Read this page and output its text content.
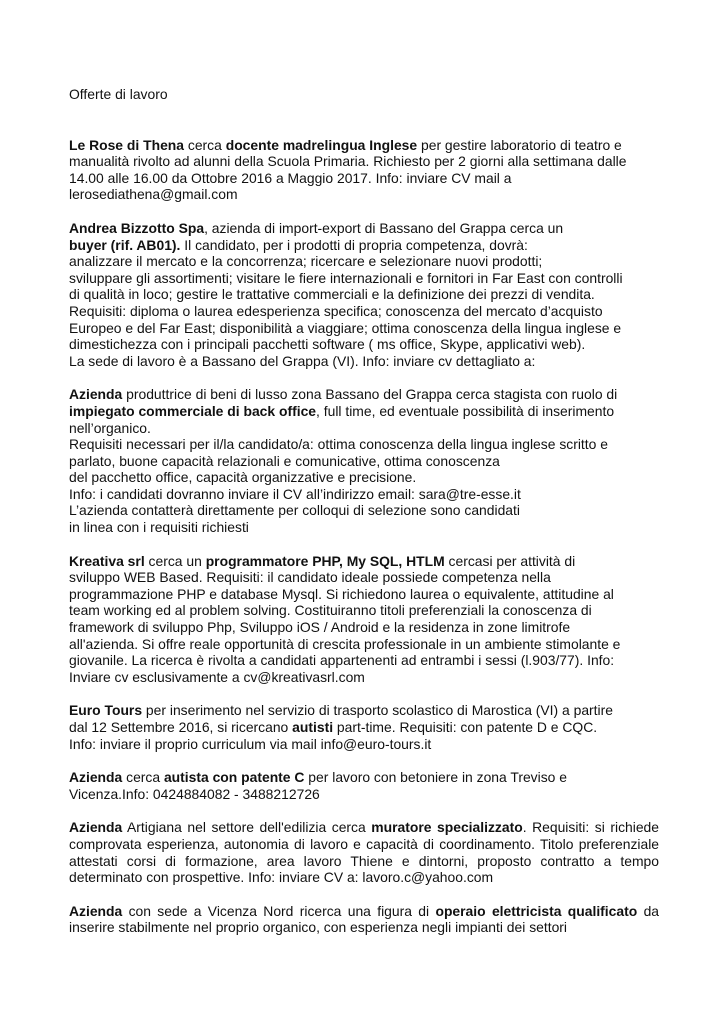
Offerte di lavoro

Le Rose di Thena cerca docente madrelingua Inglese per gestire laboratorio di teatro e
manualità rivolto ad alunni della Scuola Primaria. Richiesto per 2 giorni alla settimana dalle
14.00 alle 16.00 da Ottobre 2016 a Maggio 2017. Info: inviare CV mail a
lerosediathena@gmail.com

Andrea Bizzotto Spa, azienda di import-export di Bassano del Grappa cerca un
buyer (rif. AB01). Il candidato, per i prodotti di propria competenza, dovrà:
analizzare il mercato e la concorrenza; ricercare e selezionare nuovi prodotti;
sviluppare gli assortimenti; visitare le fiere internazionali e fornitori in Far East con controlli
di qualità in loco; gestire le trattative commerciali e la definizione dei prezzi di vendita.
Requisiti: diploma o laurea edesperienza specifica; conoscenza del mercato d’acquisto
Europeo e del Far East; disponibilità a viaggiare; ottima conoscenza della lingua inglese e
dimestichezza con i principali pacchetti software ( ms office, Skype, applicativi web).
La sede di lavoro è a Bassano del Grappa (VI). Info: inviare cv dettagliato a:

Azienda produttrice di beni di lusso zona Bassano del Grappa cerca stagista con ruolo di
impiegato commerciale di back office, full time, ed eventuale possibilità di inserimento
nell’organico.
Requisiti necessari per il/la candidato/a: ottima conoscenza della lingua inglese scritto e
parlato, buone capacità relazionali e comunicative, ottima conoscenza
del pacchetto office, capacità organizzative e precisione.
Info: i candidati dovranno inviare il CV all’indirizzo email: sara@tre-esse.it
L’azienda contatterà direttamente per colloqui di selezione sono candidati
in linea con i requisiti richiesti

Kreativa srl cerca un programmatore PHP, My SQL, HTLM cercasi per attività di
sviluppo WEB Based. Requisiti: il candidato ideale possiede competenza nella
programmazione PHP e database Mysql. Si richiedono laurea o equivalente, attitudine al
team working ed al problem solving. Costituiranno titoli preferenziali la conoscenza di
framework di sviluppo Php, Sviluppo iOS / Android e la residenza in zone limitrofe
all'azienda. Si offre reale opportunità di crescita professionale in un ambiente stimolante e
giovanile. La ricerca è rivolta a candidati appartenenti ad entrambi i sessi (l.903/77). Info:
Inviare cv esclusivamente a cv@kreativasrl.com

Euro Tours per inserimento nel servizio di trasporto scolastico di Marostica (VI) a partire
dal 12 Settembre 2016, si ricercano autisti part-time. Requisiti: con patente D e CQC.
Info: inviare il proprio curriculum via mail info@euro-tours.it

Azienda cerca autista con patente C per lavoro con betoniere in zona Treviso e
Vicenza.Info: 0424884082 - 3488212726

Azienda Artigiana nel settore dell'edilizia cerca muratore specializzato. Requisiti: si richiede comprovata esperienza, autonomia di lavoro e capacità di coordinamento. Titolo preferenziale attestati corsi di formazione, area lavoro Thiene e dintorni, proposto contratto a tempo determinato con prospettive. Info: inviare CV a: lavoro.c@yahoo.com

Azienda con sede a Vicenza Nord ricerca una figura di operaio elettricista qualificato da inserire stabilmente nel proprio organico, con esperienza negli impianti dei settori
